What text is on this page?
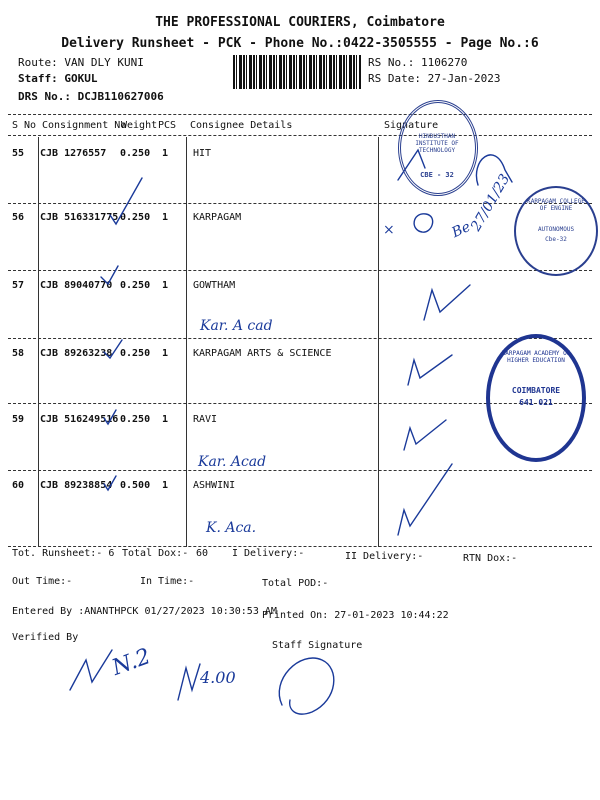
THE PROFESSIONAL COURIERS, Coimbatore
Delivery Runsheet - PCK - Phone No.:0422-3505555 - Page No.:6
Route: VAN DLY KUNI
Staff: GOKUL
DRS No.: DCJB110627006
RS No.: 1106270
RS Date: 27-Jan-2023
S No Consignment No
Weight PCS Consignee Details	Signature
55 CJB 1276557 0.250 1 HIT
56 CJB 516331775 0.250 1 KARPAGAM
57 CJB 89040770 0.250 1 GOWTHAM
Kar. A cad
58 CJB 89263238 0.250 1 KARPAGAM ARTS & SCIENCE
59 CJB 516249516 0.250 1 RAVI
Kar. Acad
60 CJB 89238854 0.500 1 ASHWINI
K. Aca.
×	Be
27/01/23
HINDUSTHAN INSTITUTE OF TECHNOLOGY
CBE - 32
KARPAGAM COLLEGE OF ENGINE
AUTONOMOUS
Cbe-32
KARPAGAM ACADEMY OF HIGHER EDUCATION
COIMBATORE
641 021
Tot. Runsheet:- 6 Total Dox:- 60 I Delivery:-	II Delivery:-	RTN Dox:-
Out Time:-	In Time:-	Total POD:-
Entered By :ANANTHPCK 01/27/2023 10:30:53 AM
Printed On: 27-01-2023 10:44:22
Verified By
Staff Signature
N.2	4.00
